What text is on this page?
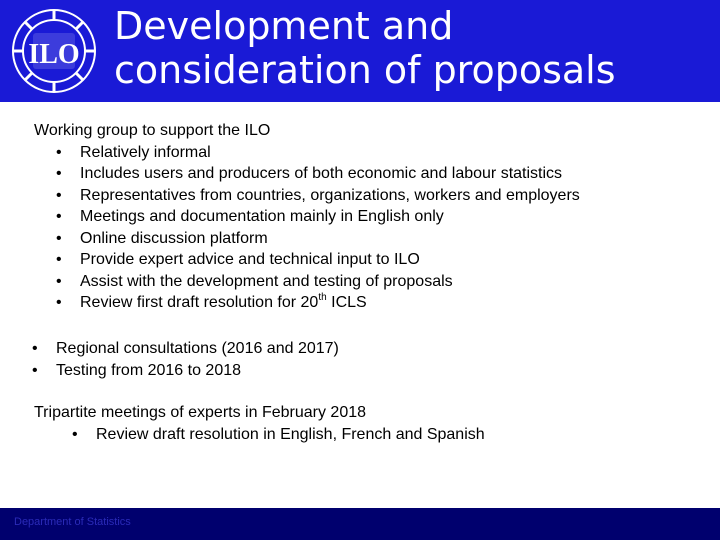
ILO
Development and
consideration of proposals
Working group to support the ILO
• Relatively informal
• Includes users and producers of both economic and labour statistics
• Representatives from countries, organizations, workers and employers
• Meetings and documentation mainly in English only
• Online discussion platform
• Provide expert advice and technical input to ILO
• Assist with the development and testing of proposals
• Review first draft resolution for 20th ICLS
• Regional consultations (2016 and 2017)
• Testing from 2016 to 2018
Tripartite meetings of experts in February 2018
• Review draft resolution in English, French and Spanish
Department of Statistics
